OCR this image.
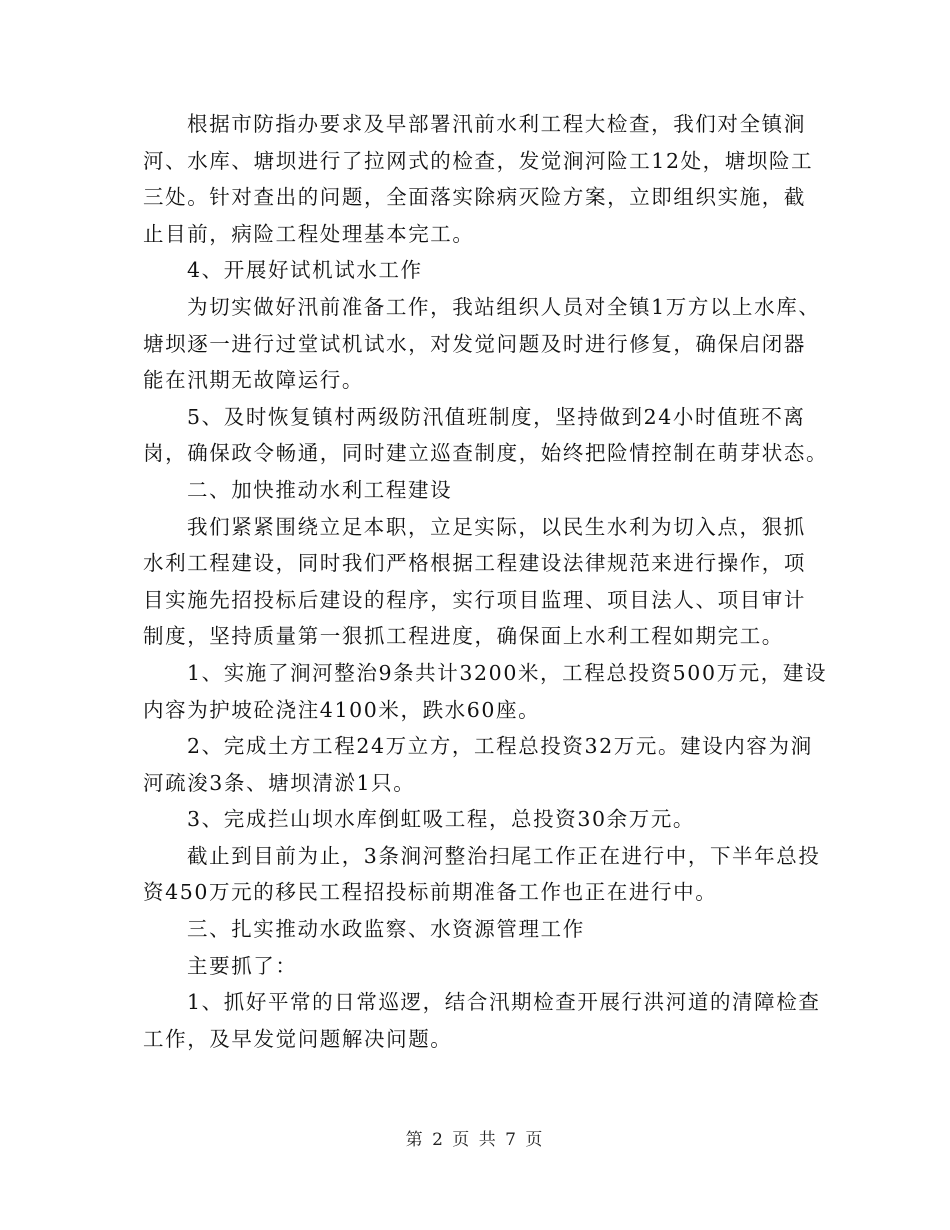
根据市防指办要求及早部署汛前水利工程大检查，我们对全镇涧
河、水库、塘坝进行了拉网式的检查，发觉涧河险工12处，塘坝险工
三处。针对查出的问题，全面落实除病灭险方案，立即组织实施，截
止目前，病险工程处理基本完工。
4、开展好试机试水工作
为切实做好汛前准备工作，我站组织人员对全镇1万方以上水库、
塘坝逐一进行过堂试机试水，对发觉问题及时进行修复，确保启闭器
能在汛期无故障运行。
5、及时恢复镇村两级防汛值班制度，坚持做到24小时值班不离
岗，确保政令畅通，同时建立巡查制度，始终把险情控制在萌芽状态。
二、加快推动水利工程建设
我们紧紧围绕立足本职，立足实际，以民生水利为切入点，狠抓
水利工程建设，同时我们严格根据工程建设法律规范来进行操作，项
目实施先招投标后建设的程序，实行项目监理、项目法人、项目审计
制度，坚持质量第一狠抓工程进度，确保面上水利工程如期完工。
1、实施了涧河整治9条共计3200米，工程总投资500万元，建设
内容为护坡砼浇注4100米，跌水60座。
2、完成土方工程24万立方，工程总投资32万元。建设内容为涧
河疏浚3条、塘坝清淤1只。
3、完成拦山坝水库倒虹吸工程，总投资30余万元。
截止到目前为止，3条涧河整治扫尾工作正在进行中，下半年总投
资450万元的移民工程招投标前期准备工作也正在进行中。
三、扎实推动水政监察、水资源管理工作
主要抓了：
1、抓好平常的日常巡逻，结合汛期检查开展行洪河道的清障检查
工作，及早发觉问题解决问题。
第 2 页 共 7 页
